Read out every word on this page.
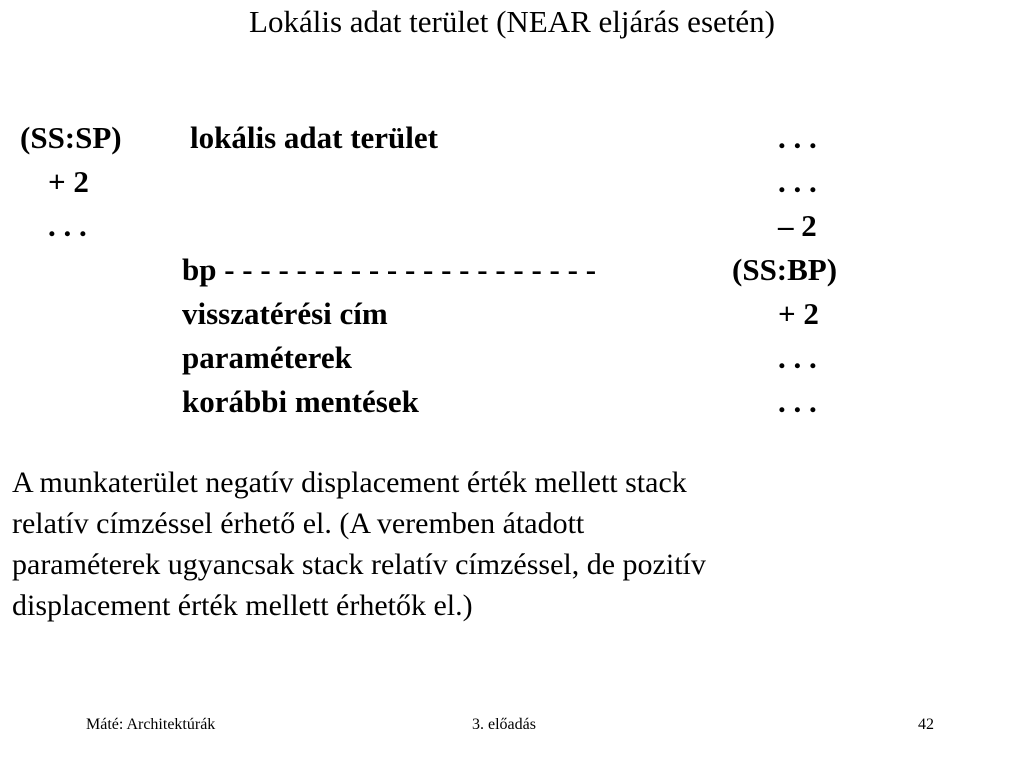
Lokális adat terület (NEAR eljárás esetén)
(SS:SP)
+ 2
. . .
lokális adat terület
bp - - - - - - - - - - - - - - - - - - - - -
visszatérési cím
paraméterek
korábbi mentések
. . .
. . .
– 2
(SS:BP)
+ 2
. . .
. . .
A munkaterület negatív displacement érték mellett stack
relatív címzéssel érhető el. (A veremben átadott
paraméterek ugyancsak stack relatív címzéssel, de pozitív
displacement érték mellett érhetők el.)
Máté: Architektúrák	3. előadás	42
